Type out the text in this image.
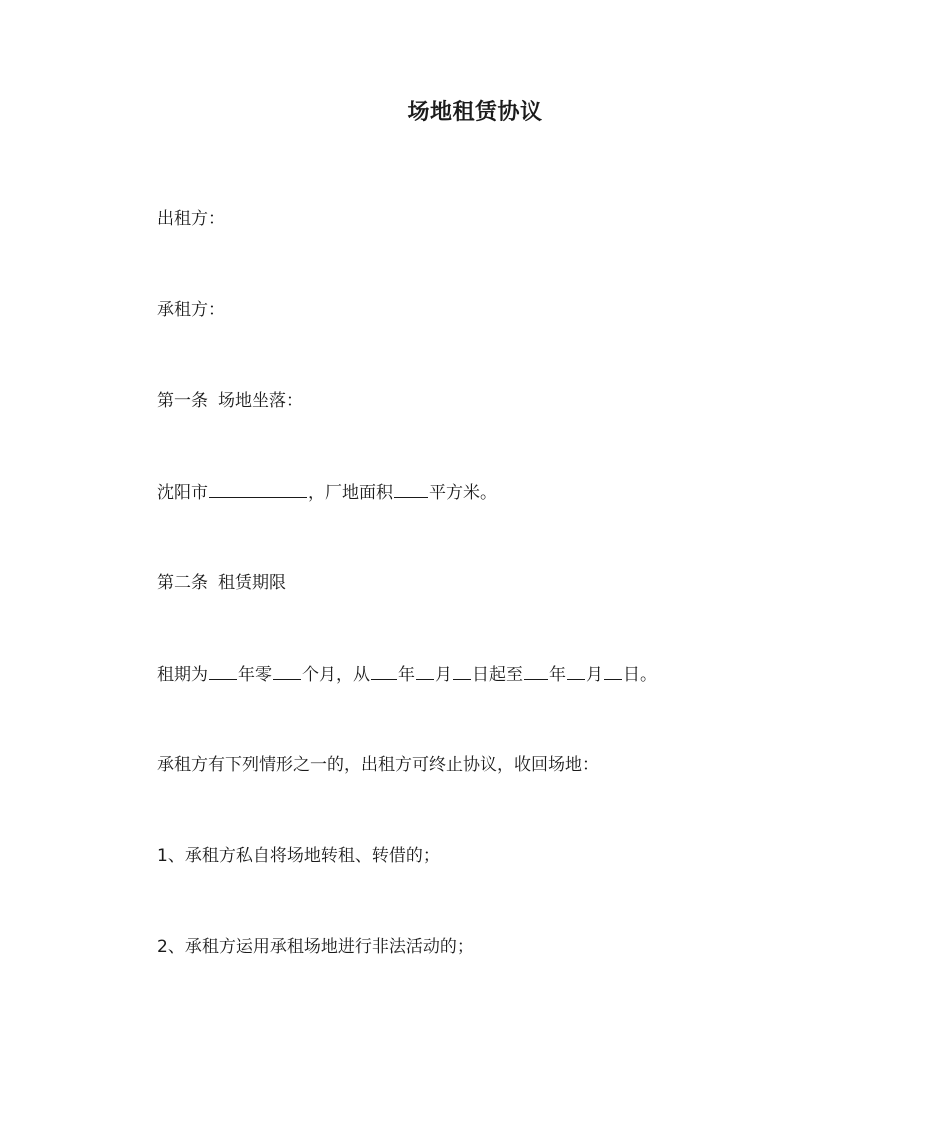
场地租赁协议
出租方：
承租方：
第一条 场地坐落：
沈阳市	，厂地面积 平方米。
第二条 租赁期限
租期为 年零 个月，从 年 月 日起至 年 月 日。
承租方有下列情形之一的，出租方可终止协议，收回场地：
1、承租方私自将场地转租、转借的；
2、承租方运用承租场地进行非法活动的；
